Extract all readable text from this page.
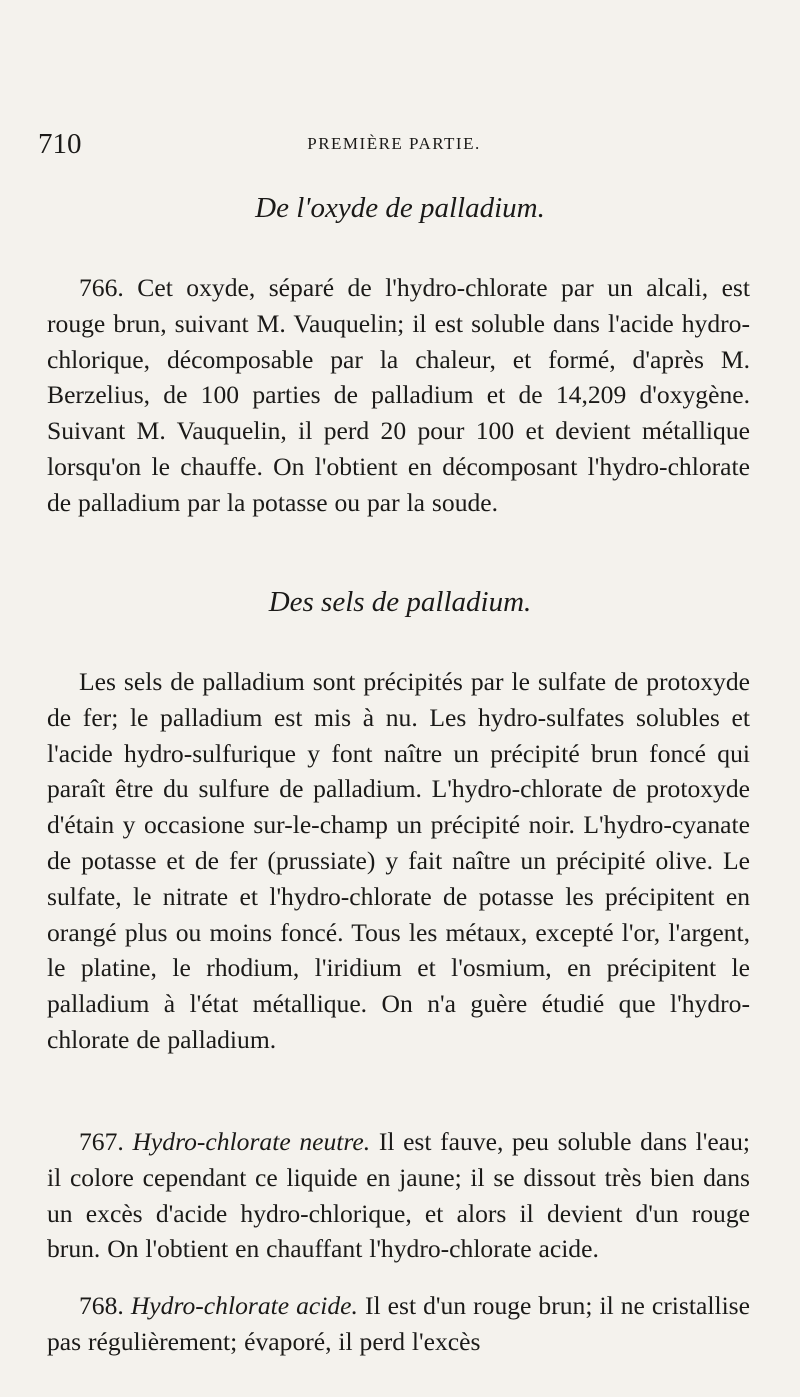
710	PREMIÈRE PARTIE.
De l'oxyde de palladium.

766. Cet oxyde, séparé de l'hydro-chlorate par un alcali, est rouge brun, suivant M. Vauquelin; il est soluble dans l'acide hydro-chlorique, décomposable par la chaleur, et formé, d'après M. Berzelius, de 100 parties de palladium et de 14,209 d'oxygène. Suivant M. Vauquelin, il perd 20 pour 100 et devient métallique lorsqu'on le chauffe. On l'obtient en décomposant l'hydro-chlorate de palladium par la potasse ou par la soude.

Des sels de palladium.

Les sels de palladium sont précipités par le sulfate de protoxyde de fer; le palladium est mis à nu. Les hydro-sulfates solubles et l'acide hydro-sulfurique y font naître un précipité brun foncé qui paraît être du sulfure de palladium. L'hydro-chlorate de protoxyde d'étain y occasione sur-le-champ un précipité noir. L'hydro-cyanate de potasse et de fer (prussiate) y fait naître un précipité olive. Le sulfate, le nitrate et l'hydro-chlorate de potasse les précipitent en orangé plus ou moins foncé. Tous les métaux, excepté l'or, l'argent, le platine, le rhodium, l'iridium et l'osmium, en précipitent le palladium à l'état métallique. On n'a guère étudié que l'hydro-chlorate de palladium.

767. Hydro-chlorate neutre. Il est fauve, peu soluble dans l'eau; il colore cependant ce liquide en jaune; il se dissout très bien dans un excès d'acide hydro-chlorique, et alors il devient d'un rouge brun. On l'obtient en chauffant l'hydro-chlorate acide.

768. Hydro-chlorate acide. Il est d'un rouge brun; il ne cristallise pas régulièrement; évaporé, il perd l'excès
